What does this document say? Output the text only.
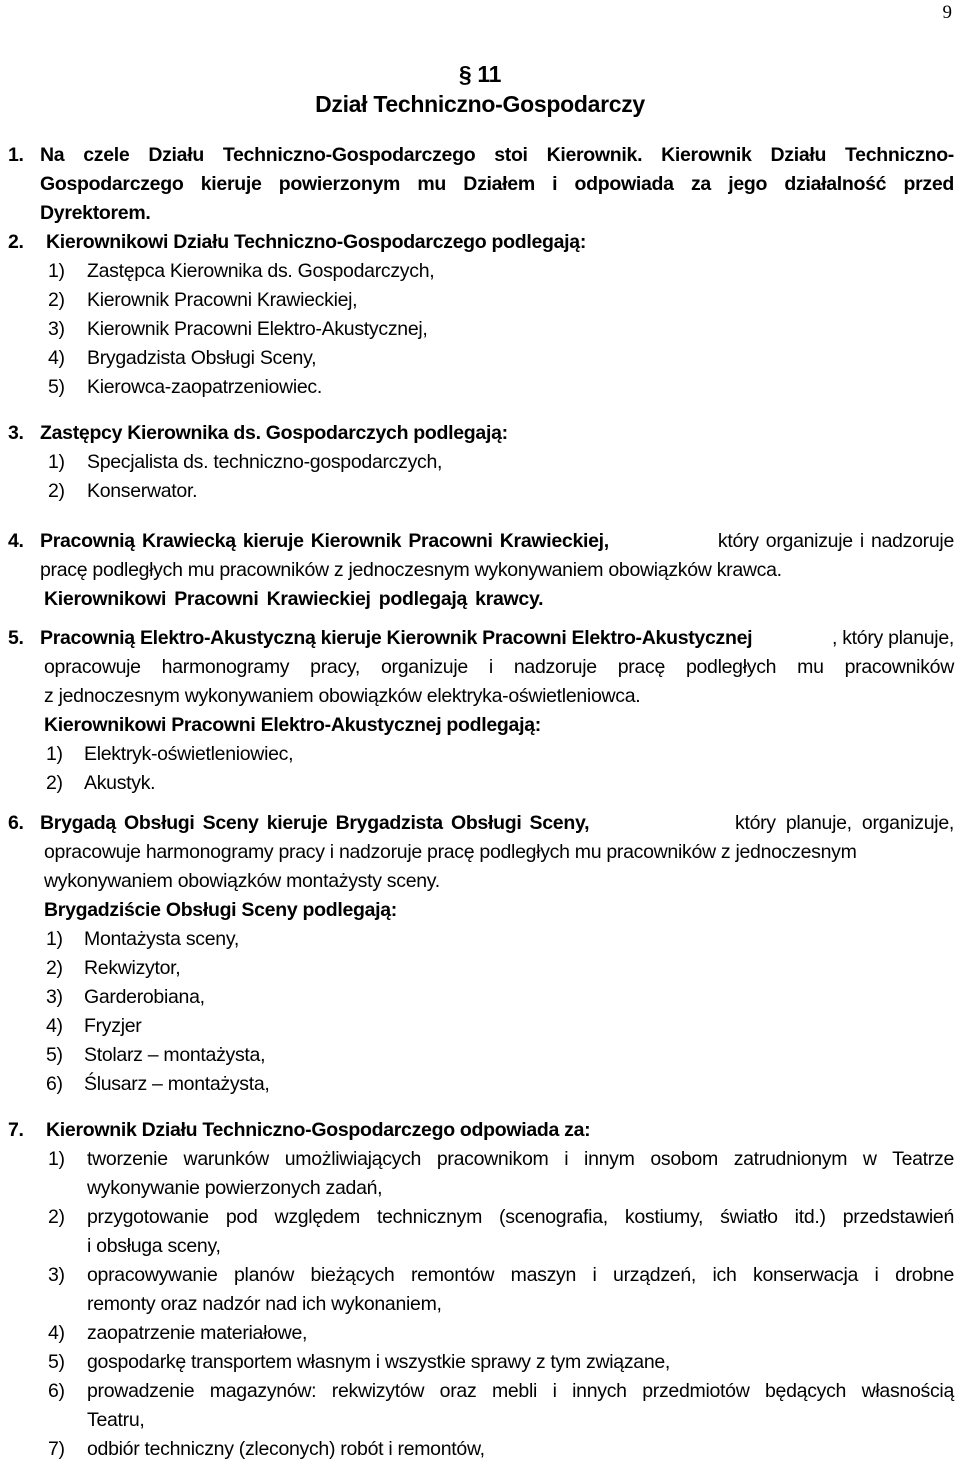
9
§ 11
Dział Techniczno-Gospodarczy
1. Na czele Działu Techniczno-Gospodarczego stoi Kierownik. Kierownik Działu Techniczno-
Gospodarczego kieruje powierzonym mu Działem i odpowiada za jego działalność przed
Dyrektorem.
2. Kierownikowi Działu Techniczno-Gospodarczego podlegają:
1) Zastępca Kierownika ds. Gospodarczych,
2) Kierownik Pracowni Krawieckiej,
3) Kierownik Pracowni Elektro-Akustycznej,
4) Brygadzista Obsługi Sceny,
5) Kierowca-zaopatrzeniowiec.
3. Zastępcy Kierownika ds. Gospodarczych podlegają:
1) Specjalista ds. techniczno-gospodarczych,
2) Konserwator.
4. Pracownią Krawiecką kieruje Kierownik Pracowni Krawieckiej,	który organizuje i nadzoruje
pracę podległych mu pracowników z jednoczesnym wykonywaniem obowiązków krawca.
Kierownikowi Pracowni Krawieckiej podlegają krawcy.
5. Pracownią Elektro-Akustyczną kieruje Kierownik Pracowni Elektro-Akustycznej	, który planuje,
opracowuje harmonogramy pracy, organizuje i nadzoruje pracę podległych mu pracowników
z jednoczesnym wykonywaniem obowiązków elektryka-oświetleniowca.
Kierownikowi Pracowni Elektro-Akustycznej podlegają:
1) Elektryk-oświetleniowiec,
2) Akustyk.
6. Brygadą Obsługi Sceny kieruje Brygadzista Obsługi Sceny,	który planuje, organizuje,
opracowuje harmonogramy pracy i nadzoruje pracę podległych mu pracowników z jednoczesnym
wykonywaniem obowiązków montażysty sceny.
Brygadziście Obsługi Sceny podlegają:
1) Montażysta sceny,
2) Rekwizytor,
3) Garderobiana,
4) Fryzjer
5) Stolarz – montażysta,
6) Ślusarz – montażysta,
7. Kierownik Działu Techniczno-Gospodarczego odpowiada za:
1) tworzenie warunków umożliwiających pracownikom i innym osobom zatrudnionym w Teatrze
wykonywanie powierzonych zadań,
2) przygotowanie pod względem technicznym (scenografia, kostiumy, światło itd.) przedstawień
i obsługa sceny,
3) opracowywanie planów bieżących remontów maszyn i urządzeń, ich konserwacja i drobne
remonty oraz nadzór nad ich wykonaniem,
4) zaopatrzenie materiałowe,
5) gospodarkę transportem własnym i wszystkie sprawy z tym związane,
6) prowadzenie magazynów: rekwizytów oraz mebli i innych przedmiotów będących własnością
Teatru,
7) odbiór techniczny (zleconych) robót i remontów,
